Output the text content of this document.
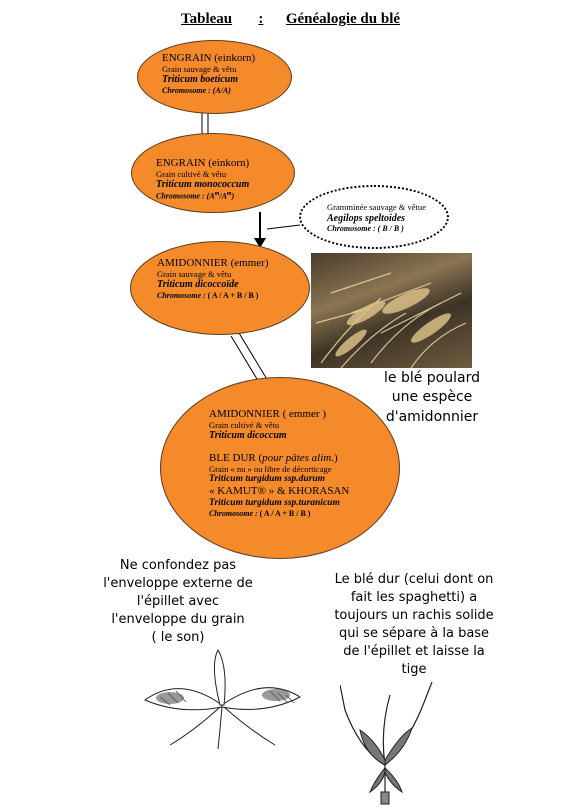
Tableau : Généalogie du blé
ENGRAIN (einkorn)
Grain sauvage & vêtu
Triticum boeticum
Chromosome : (A/A)
ENGRAIN (einkorn)
Grain cultivé & vêtu
Triticum monococcum
Chromosome : $(A^m/A^m)$
Gramminée sauvage & vêtue
Aegilops speltoides
Chromosome : ( B / B )
AMIDONNIER (emmer)
Grain sauvage & vêtu
Triticum dicoccoïde
Chromosome : ( A / A + B / B )
le blé poulard
une espèce
d'amidonnier
AMIDONNIER ( emmer )
Grain cultivé & vêtu
Triticum dicoccum
BLE DUR (pour pâtes alim.)
Grain « nu » ou libre de décorticage
Triticum turgidum ssp.durum
« KAMUT® » & KHORASAN
Triticum turgidum ssp.turanicum
Chromosome : ( A / A + B / B )
Ne confondez pas
l'enveloppe externe de
l'épillet avec
l'enveloppe du grain
( le son)
Le blé dur (celui dont on
fait les spaghetti) a
toujours un rachis solide
qui se sépare à la base
de l'épillet et laisse la
tige
